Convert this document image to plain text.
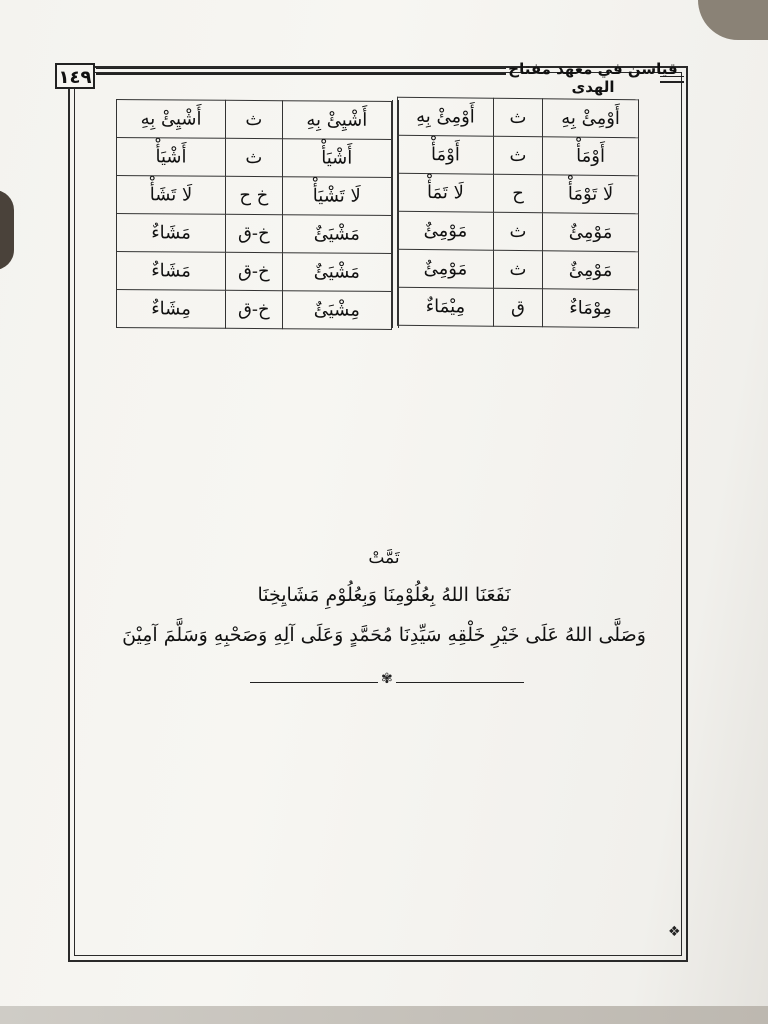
١٤٩	قياسن في معهد مفتاح الهدى
أَوْمِئْ بِهِ	ث	أَوْمِئْ بِهِ
أَوْمَأْ	ث	أَوْمَأْ
لَا تَوْمَأْ	ح	لَا تَمَأْ
مَوْمِئٌ	ث	مَوْمِئٌ
مَوْمِئٌ	ث	مَوْمِئٌ
مِوْمَاءٌ	ق	مِيْمَاءٌ
أَشْيِئْ بِهِ	ث	أَشْيِئْ بِهِ
أَشْيَأْ	ث	أَشْيَأْ
لَا تَشْيَأْ	خ ح	لَا تَشَأْ
مَشْيَئٌ	خ-ق	مَشَاءٌ
مَشْيَئٌ	خ-ق	مَشَاءٌ
مِشْيَئٌ	خ-ق	مِشَاءٌ
تَمَّتْ
نَفَعَنَا اللهُ بِعُلُوْمِنَا وَبِعُلُوْمِ مَشَايِخِنَا
وَصَلَّى اللهُ عَلَى خَيْرِ خَلْقِهِ سَيِّدِنَا مُحَمَّدٍ وَعَلَى آلِهِ وَصَحْبِهِ وَسَلَّمَ آمِيْنَ
✾
❖
